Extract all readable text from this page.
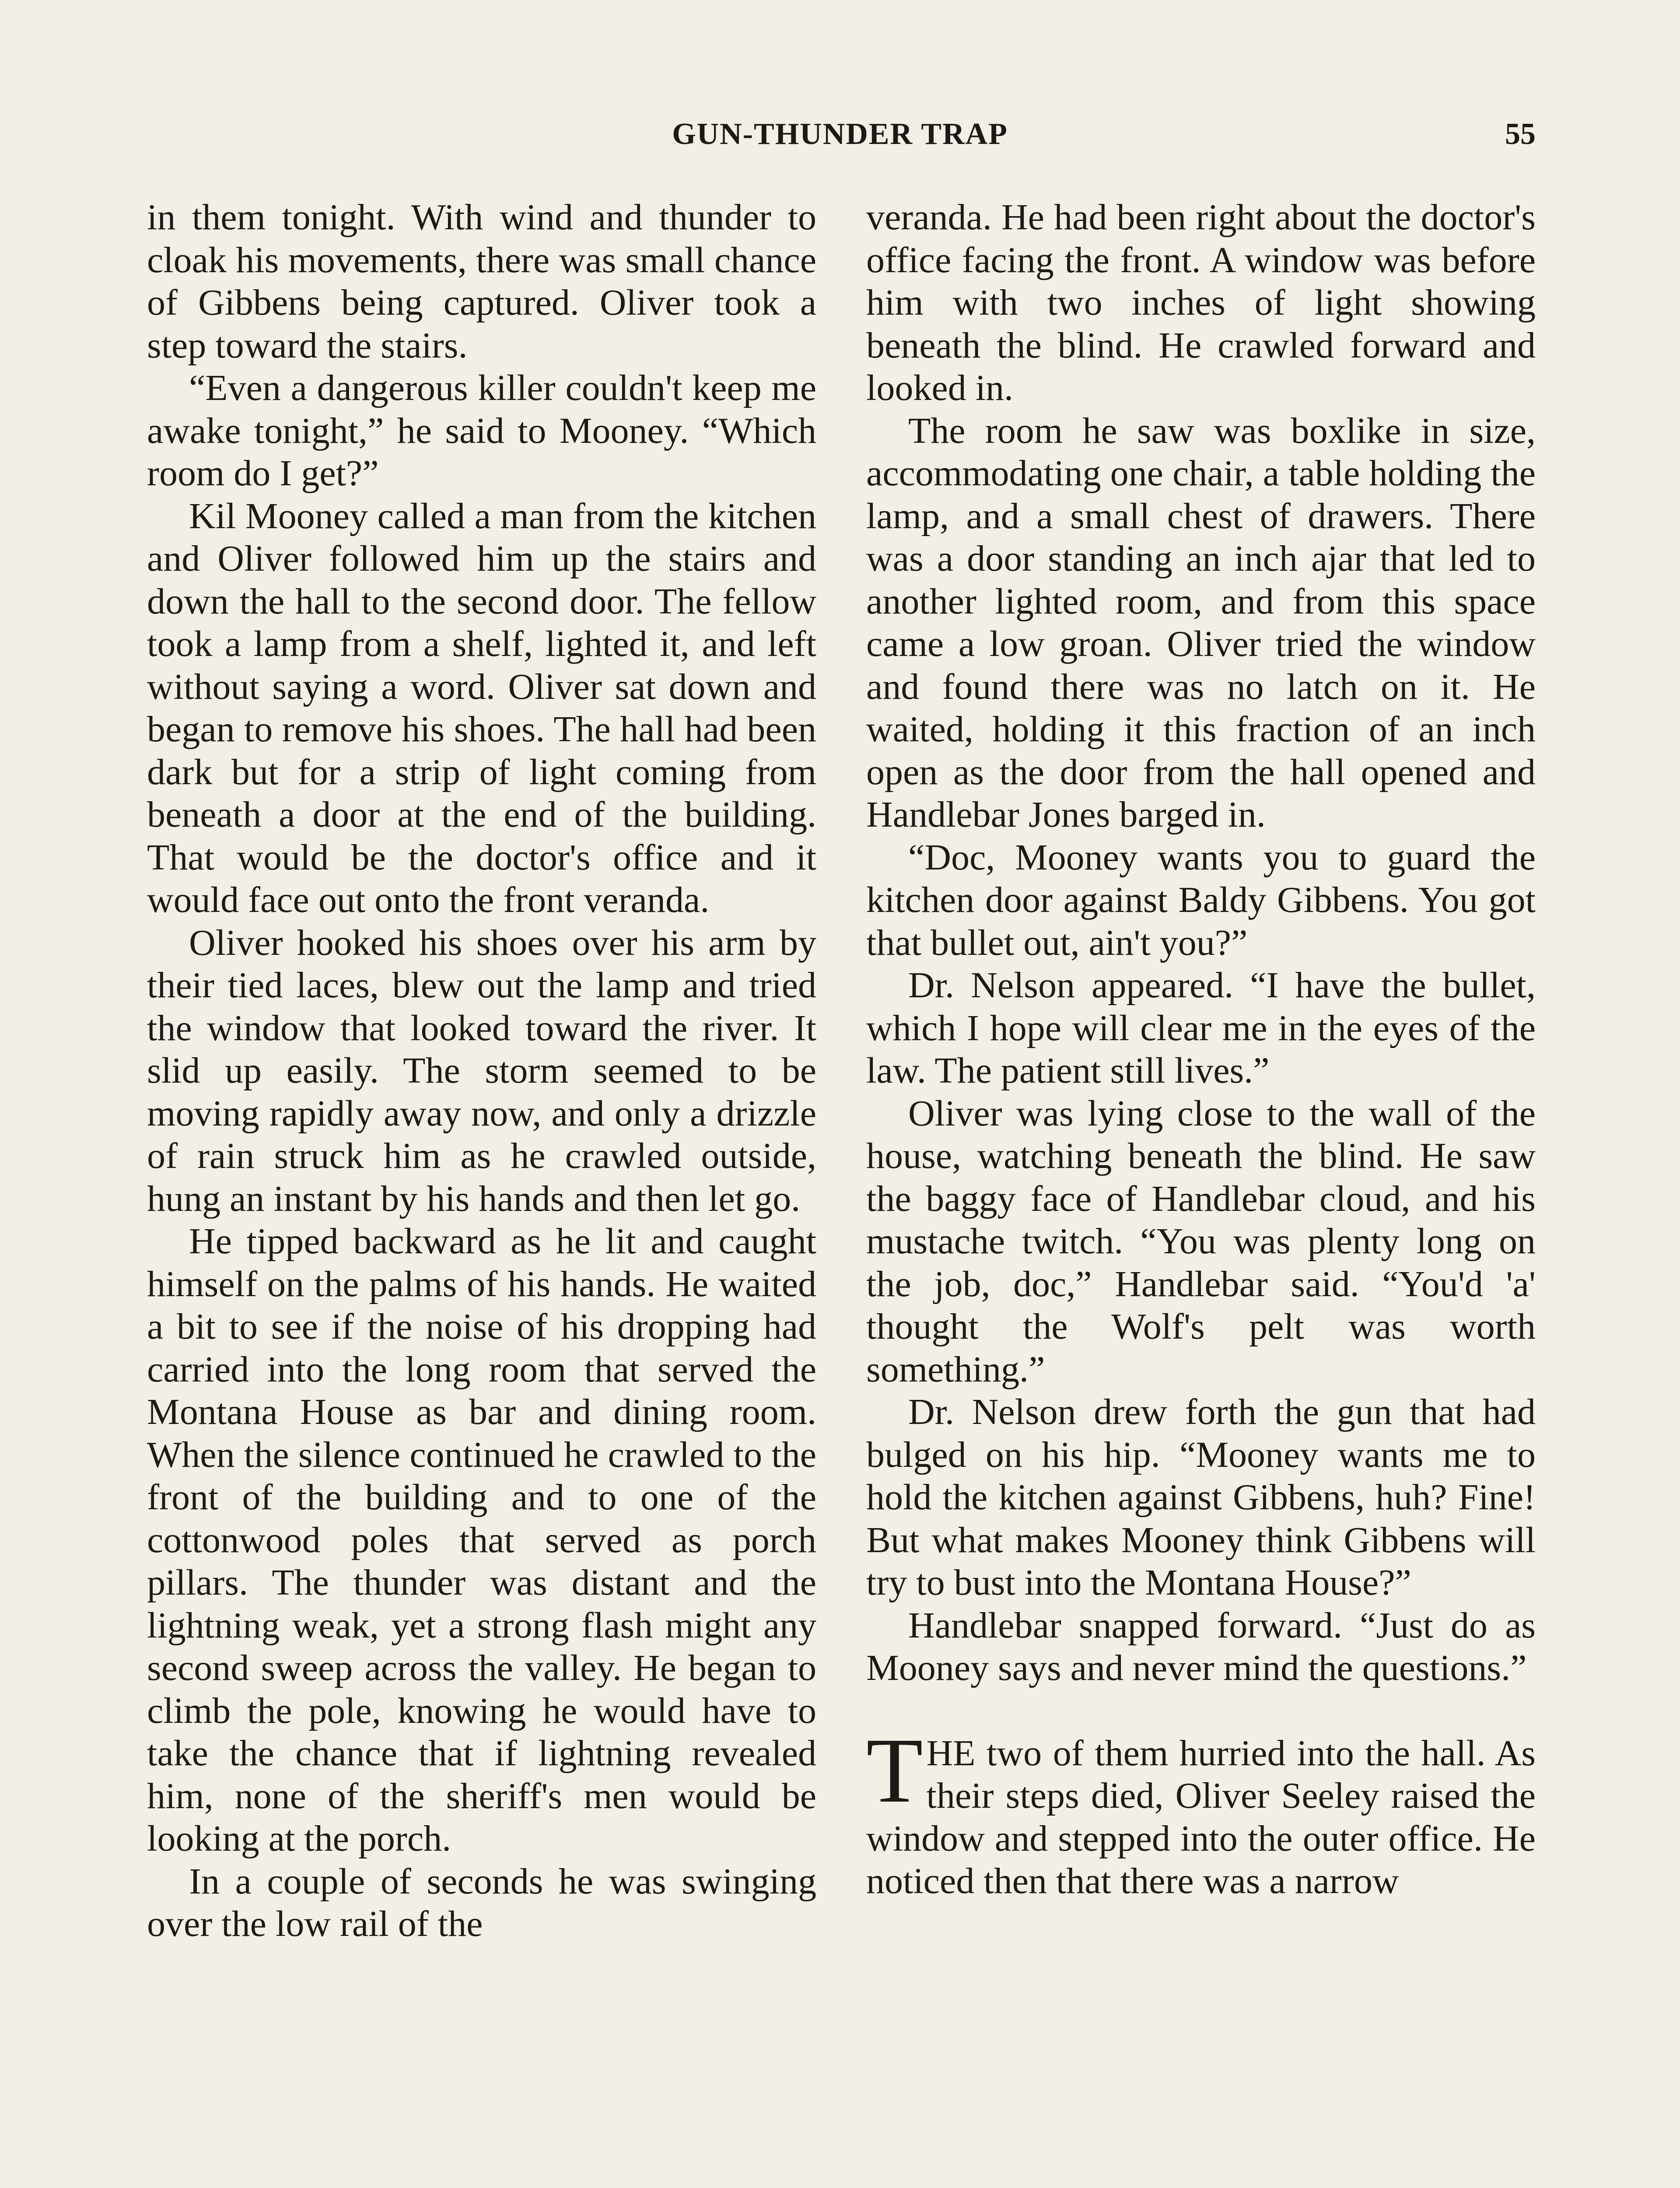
GUN-THUNDER TRAP	55

in them tonight. With wind and thunder to cloak his movements, there was small chance of Gibbens being captured. Oliver took a step toward the stairs.

“Even a dangerous killer couldn't keep me awake tonight,” he said to Mooney. “Which room do I get?”

Kil Mooney called a man from the kitchen and Oliver followed him up the stairs and down the hall to the second door. The fellow took a lamp from a shelf, lighted it, and left without saying a word. Oliver sat down and began to remove his shoes. The hall had been dark but for a strip of light coming from beneath a door at the end of the building. That would be the doctor's office and it would face out onto the front veranda.

Oliver hooked his shoes over his arm by their tied laces, blew out the lamp and tried the window that looked toward the river. It slid up easily. The storm seemed to be moving rapidly away now, and only a drizzle of rain struck him as he crawled outside, hung an instant by his hands and then let go.

He tipped backward as he lit and caught himself on the palms of his hands. He waited a bit to see if the noise of his dropping had carried into the long room that served the Montana House as bar and dining room. When the silence continued he crawled to the front of the building and to one of the cottonwood poles that served as porch pillars. The thunder was distant and the lightning weak, yet a strong flash might any second sweep across the valley. He began to climb the pole, knowing he would have to take the chance that if lightning revealed him, none of the sheriff's men would be looking at the porch.

In a couple of seconds he was swinging over the low rail of the

veranda. He had been right about the doctor's office facing the front. A window was before him with two inches of light showing beneath the blind. He crawled forward and looked in.

The room he saw was boxlike in size, accommodating one chair, a table holding the lamp, and a small chest of drawers. There was a door standing an inch ajar that led to another lighted room, and from this space came a low groan. Oliver tried the window and found there was no latch on it. He waited, holding it this fraction of an inch open as the door from the hall opened and Handlebar Jones barged in.

“Doc, Mooney wants you to guard the kitchen door against Baldy Gibbens. You got that bullet out, ain't you?”

Dr. Nelson appeared. “I have the bullet, which I hope will clear me in the eyes of the law. The patient still lives.”

Oliver was lying close to the wall of the house, watching beneath the blind. He saw the baggy face of Handlebar cloud, and his mustache twitch. “You was plenty long on the job, doc,” Handlebar said. “You'd 'a' thought the Wolf's pelt was worth something.”

Dr. Nelson drew forth the gun that had bulged on his hip. “Mooney wants me to hold the kitchen against Gibbens, huh? Fine! But what makes Mooney think Gibbens will try to bust into the Montana House?”

Handlebar snapped forward. “Just do as Mooney says and never mind the questions.”

THE two of them hurried into the hall. As their steps died, Oliver Seeley raised the window and stepped into the outer office. He noticed then that there was a narrow
